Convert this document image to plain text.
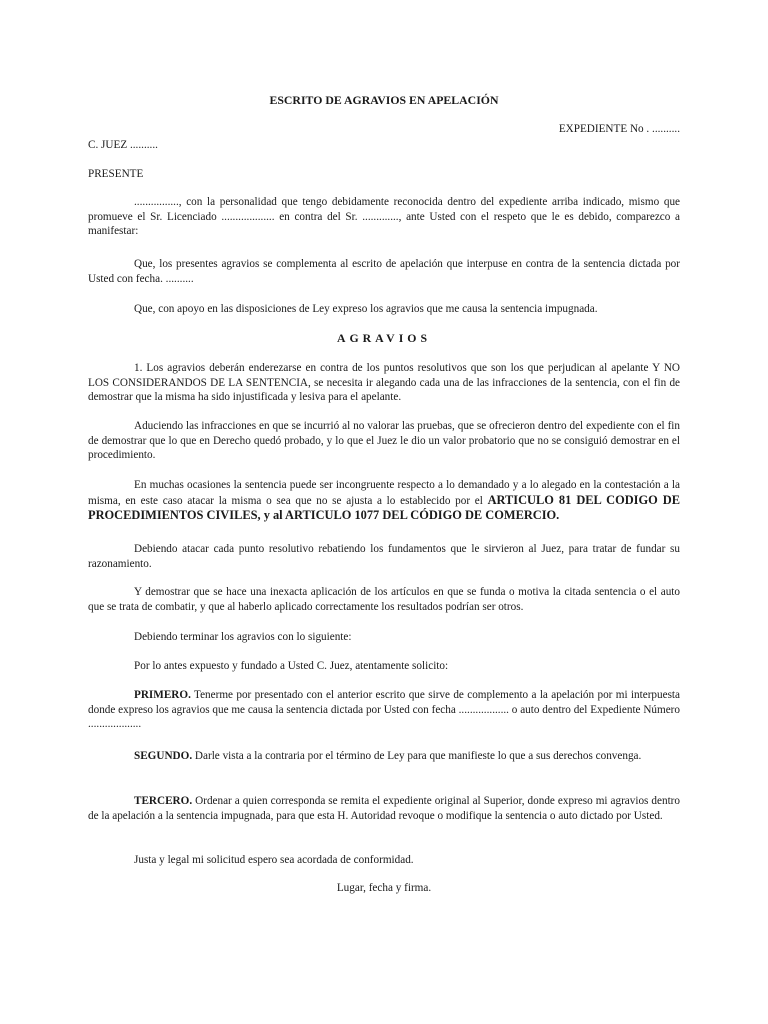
ESCRITO DE AGRAVIOS EN APELACIÓN
EXPEDIENTE No . ..........
C. JUEZ ..........
PRESENTE
................, con la personalidad que tengo debidamente reconocida dentro del expediente arriba indicado, mismo que promueve el Sr. Licenciado ................... en contra del Sr. ............., ante Usted con el respeto que le es debido, comparezco a manifestar:
Que, los presentes agravios se complementa al escrito de apelación que interpuse en contra de la sentencia dictada por Usted con fecha. ..........
Que, con apoyo en las disposiciones de Ley expreso los agravios que me causa la sentencia impugnada.
AGRAVIOS
1. Los agravios deberán enderezarse en contra de los puntos resolutivos que son los que perjudican al apelante Y NO LOS CONSIDERANDOS DE LA SENTENCIA, se necesita ir alegando cada una de las infracciones de la sentencia, con el fin de demostrar que la misma ha sido injustificada y lesiva para el apelante.
Aduciendo las infracciones en que se incurrió al no valorar las pruebas, que se ofrecieron dentro del expediente con el fin de demostrar que lo que en Derecho quedó probado, y lo que el Juez le dio un valor probatorio que no se consiguió demostrar en el procedimiento.
En muchas ocasiones la sentencia puede ser incongruente respecto a lo demandado y a lo alegado en la contestación a la misma, en este caso atacar la misma o sea que no se ajusta a lo establecido por el ARTICULO 81 DEL CODIGO DE PROCEDIMIENTOS CIVILES, y al ARTICULO 1077 DEL CÓDIGO DE COMERCIO.
Debiendo atacar cada punto resolutivo rebatiendo los fundamentos que le sirvieron al Juez, para tratar de fundar su razonamiento.
Y demostrar que se hace una inexacta aplicación de los artículos en que se funda o motiva la citada sentencia o el auto que se trata de combatir, y que al haberlo aplicado correctamente los resultados podrían ser otros.
Debiendo terminar los agravios con lo siguiente:
Por lo antes expuesto y fundado a Usted C. Juez, atentamente solicito:
PRIMERO. Tenerme por presentado con el anterior escrito que sirve de complemento a la apelación por mi interpuesta donde expreso los agravios que me causa la sentencia dictada por Usted con fecha .................. o auto dentro del Expediente Número ...................
SEGUNDO. Darle vista a la contraria por el término de Ley para que manifieste lo que a sus derechos convenga.
TERCERO. Ordenar a quien corresponda se remita el expediente original al Superior, donde expreso mi agravios dentro de la apelación a la sentencia impugnada, para que esta H. Autoridad revoque o modifique la sentencia o auto dictado por Usted.
Justa y legal mi solicitud espero sea acordada de conformidad.
Lugar, fecha y firma.
